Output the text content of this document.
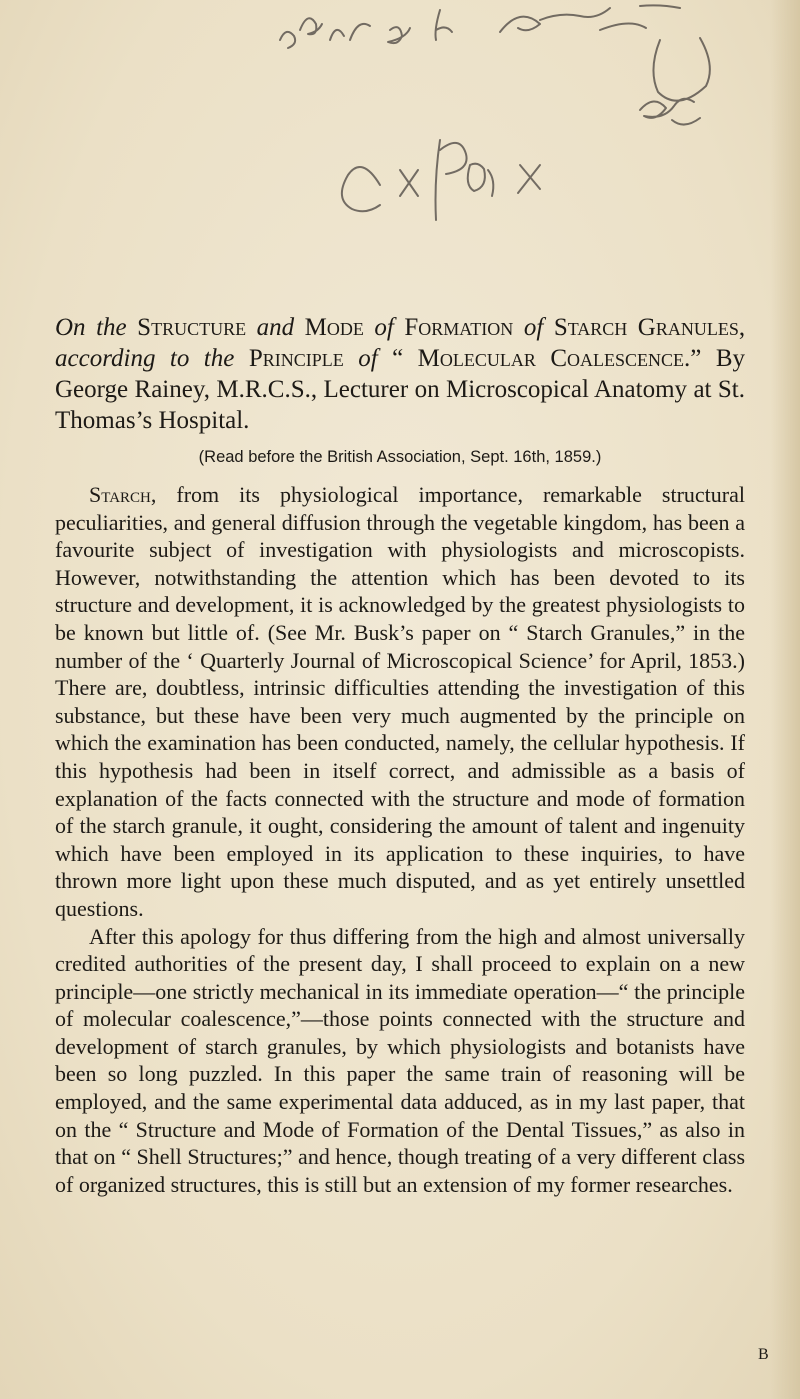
On the Structure and Mode of Formation of Starch Granules, according to the Principle of “ Molecular Coalescence.” By George Rainey, M.R.C.S., Lecturer on Microscopical Anatomy at St. Thomas’s Hospital.

(Read before the British Association, Sept. 16th, 1859.)

Starch, from its physiological importance, remarkable structural peculiarities, and general diffusion through the vegetable kingdom, has been a favourite subject of investigation with physiologists and microscopists. However, notwithstanding the attention which has been devoted to its structure and development, it is acknowledged by the greatest physiologists to be known but little of. (See Mr. Busk’s paper on “ Starch Granules,” in the number of the ‘ Quarterly Journal of Microscopical Science’ for April, 1853.) There are, doubtless, intrinsic difficulties attending the investigation of this substance, but these have been very much augmented by the principle on which the examination has been conducted, namely, the cellular hypothesis. If this hypothesis had been in itself correct, and admissible as a basis of explanation of the facts connected with the structure and mode of formation of the starch granule, it ought, considering the amount of talent and ingenuity which have been employed in its application to these inquiries, to have thrown more light upon these much disputed, and as yet entirely unsettled questions.

After this apology for thus differing from the high and almost universally credited authorities of the present day, I shall proceed to explain on a new principle—one strictly mechanical in its immediate operation—“ the principle of molecular coalescence,”—those points connected with the structure and development of starch granules, by which physiologists and botanists have been so long puzzled. In this paper the same train of reasoning will be employed, and the same experimental data adduced, as in my last paper, that on the “ Structure and Mode of Formation of the Dental Tissues,” as also in that on “ Shell Structures;” and hence, though treating of a very different class of organized structures, this is still but an extension of my former researches.

B
